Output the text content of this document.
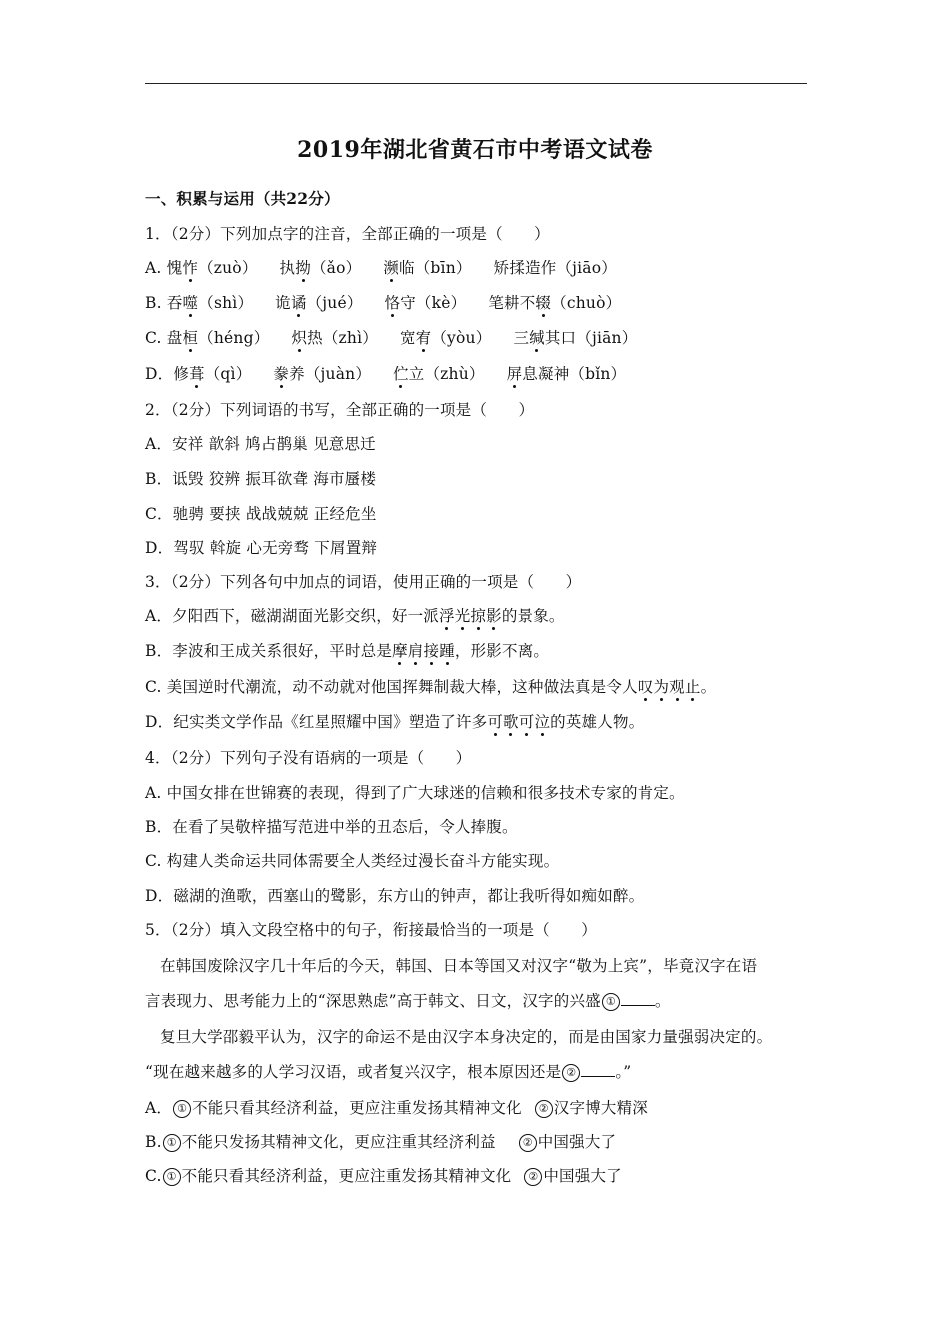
2019年湖北省黄石市中考语文试卷
一、积累与运用（共22分）
1．（2分）下列加点字的注音，全部正确的一项是（　　）
A. 愧怍（zuò） 执拗（ǎo） 濒临（bīn） 矫揉造作（jiāo）
B. 吞噬（shì） 诡谲（jué） 恪守（kè） 笔耕不辍（chuò）
C. 盘桓（héng） 炽热（zhì） 宽宥（yòu） 三缄其口（jiān）
D．修葺（qì） 豢养（juàn） 伫立（zhù） 屏息凝神（bǐn）
2．（2分）下列词语的书写，全部正确的一项是（　　）
A．安祥 歆斜 鸠占鹊巢 见意思迁
B．诋毁 狡辨 振耳欲聋 海市蜃楼
C．驰骋 要挟 战战兢兢 正经危坐
D．驾驭 斡旋 心无旁骛 下屑置辩
3．（2分）下列各句中加点的词语，使用正确的一项是（　　）
A．夕阳西下，磁湖湖面光影交织，好一派浮光掠影的景象。
B．李波和王成关系很好，平时总是摩肩接踵，形影不离。
C. 美国逆时代潮流，动不动就对他国挥舞制裁大棒，这种做法真是令人叹为观止。
D．纪实类文学作品《红星照耀中国》塑造了许多可歌可泣的英雄人物。
4．（2分）下列句子没有语病的一项是（　　）
A. 中国女排在世锦赛的表现，得到了广大球迷的信赖和很多技术专家的肯定。
B．在看了吴敬梓描写范进中举的丑态后，令人捧腹。
C. 构建人类命运共同体需要全人类经过漫长奋斗方能实现。
D．磁湖的渔歌，西塞山的鹭影，东方山的钟声，都让我听得如痴如醉。
5．（2分）填入文段空格中的句子，衔接最恰当的一项是（　　）
在韩国废除汉字几十年后的今天，韩国、日本等国又对汉字“敬为上宾”，毕竟汉字在语
言表现力、思考能力上的“深思熟虑”高于韩文、日文，汉字的兴盛 ①	。
复旦大学邵毅平认为，汉字的命运不是由汉字本身决定的，而是由国家力量强弱决定的。
“现在越来越多的人学习汉语，或者复兴汉字，根本原因还是 ②	。”
A． ① 不能只看其经济利益，更应注重发扬其精神文化 ② 汉字博大精深
B. ① 不能只发扬其精神文化，更应注重其经济利益 ② 中国强大了
C. ① 不能只看其经济利益，更应注重发扬其精神文化 ② 中国强大了
